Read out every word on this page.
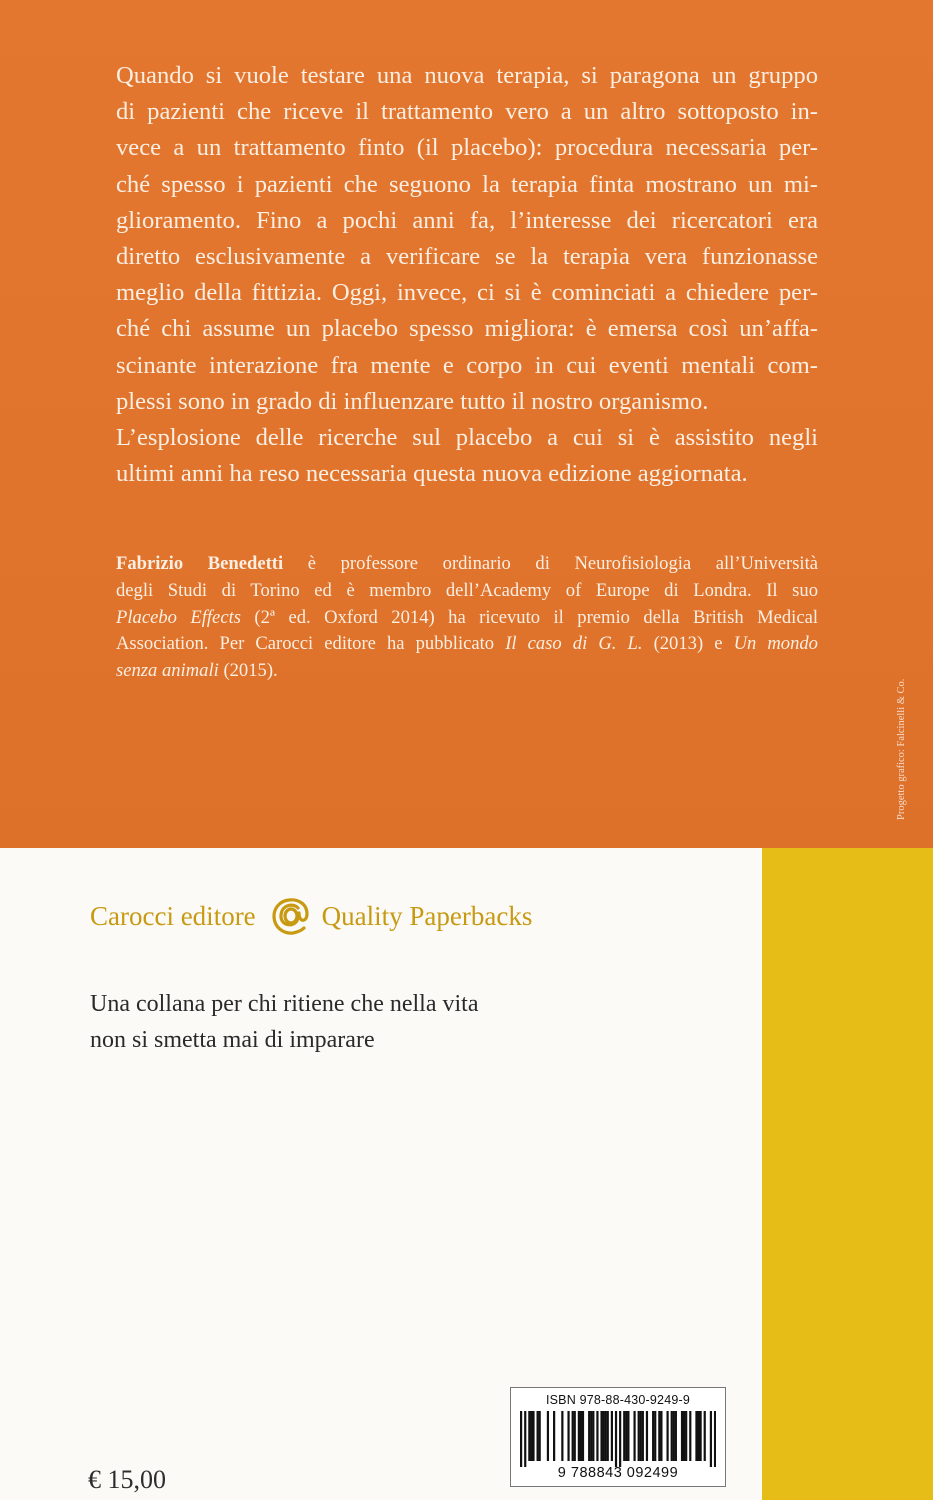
Quando si vuole testare una nuova terapia, si paragona un gruppo
di pazienti che riceve il trattamento vero a un altro sottoposto in-
vece a un trattamento finto (il placebo): procedura necessaria per-
ché spesso i pazienti che seguono la terapia finta mostrano un mi-
glioramento. Fino a pochi anni fa, l’interesse dei ricercatori era
diretto esclusivamente a verificare se la terapia vera funzionasse
meglio della fittizia. Oggi, invece, ci si è cominciati a chiedere per-
ché chi assume un placebo spesso migliora: è emersa così un’affa-
scinante interazione fra mente e corpo in cui eventi mentali com-
plessi sono in grado di influenzare tutto il nostro organismo.
L’esplosione delle ricerche sul placebo a cui si è assistito negli
ultimi anni ha reso necessaria questa nuova edizione aggiornata.

Fabrizio Benedetti è professore ordinario di Neurofisiologia all’Università
degli Studi di Torino ed è membro dell’Academy of Europe di Londra. Il suo
Placebo Effects (2ª ed. Oxford 2014) ha ricevuto il premio della British Medical
Association. Per Carocci editore ha pubblicato Il caso di G. L. (2013) e Un mondo
senza animali (2015).

Progetto grafico: Falcinelli & Co.
Carocci editore Quality Paperbacks

Una collana per chi ritiene che nella vita
non si smetta mai di imparare

ISBN 978-88-430-9249-9
9 788843 092499
€ 15,00
